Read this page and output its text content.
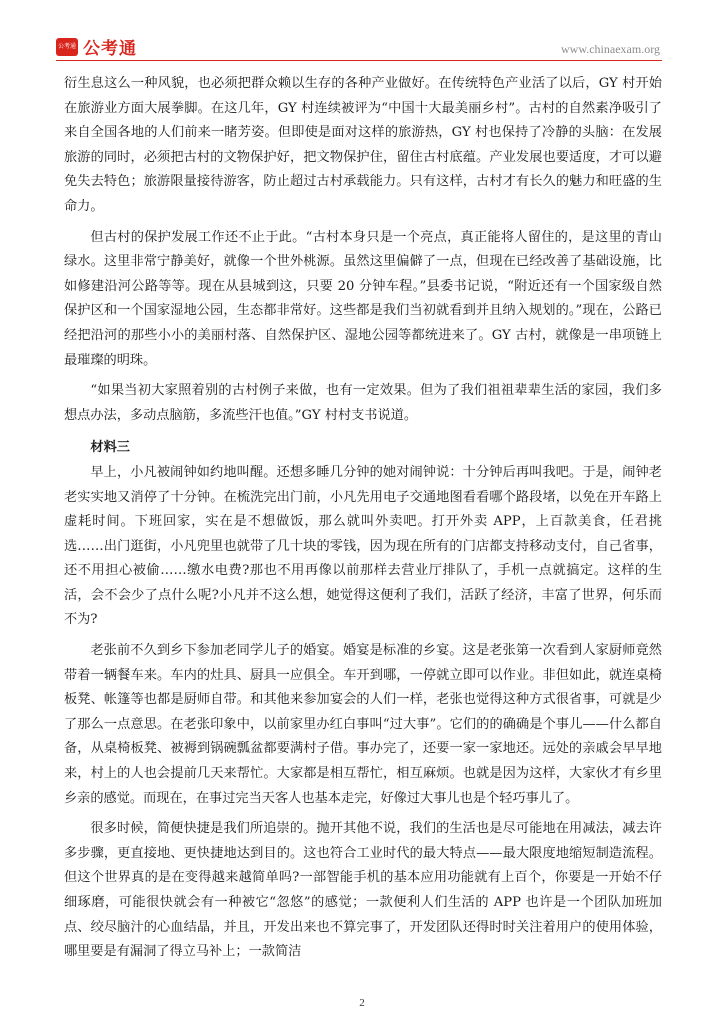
公考通 公考通	www.chinaexam.org

衍生息这么一种风貌，也必须把群众赖以生存的各种产业做好。在传统特色产业活了以后，GY 村开始在旅游业方面大展拳脚。在这几年，GY 村连续被评为“中国十大最美丽乡村”。古村的自然素净吸引了来自全国各地的人们前来一睹芳姿。但即使是面对这样的旅游热，GY 村也保持了冷静的头脑：在发展旅游的同时，必须把古村的文物保护好，把文物保护住，留住古村底蕴。产业发展也要适度，才可以避免失去特色；旅游限量接待游客，防止超过古村承载能力。只有这样，古村才有长久的魅力和旺盛的生命力。

但古村的保护发展工作还不止于此。“古村本身只是一个亮点，真正能将人留住的，是这里的青山绿水。这里非常宁静美好，就像一个世外桃源。虽然这里偏僻了一点，但现在已经改善了基础设施，比如修建沿河公路等等。现在从县城到这，只要 20 分钟车程。”县委书记说，“附近还有一个国家级自然保护区和一个国家湿地公园，生态都非常好。这些都是我们当初就看到并且纳入规划的。”现在，公路已经把沿河的那些小小的美丽村落、自然保护区、湿地公园等都统进来了。GY 古村，就像是一串项链上最璀璨的明珠。

“如果当初大家照着别的古村例子来做，也有一定效果。但为了我们祖祖辈辈生活的家园，我们多想点办法，多动点脑筋，多流些汗也值。”GY 村村支书说道。

材料三

早上，小凡被闹钟如约地叫醒。还想多睡几分钟的她对闹钟说：十分钟后再叫我吧。于是，闹钟老老实实地又消停了十分钟。在梳洗完出门前，小凡先用电子交通地图看看哪个路段堵，以免在开车路上虚耗时间。下班回家，实在是不想做饭，那么就叫外卖吧。打开外卖 APP，上百款美食，任君挑选……出门逛街，小凡兜里也就带了几十块的零钱，因为现在所有的门店都支持移动支付，自己省事，还不用担心被偷……缴水电费?那也不用再像以前那样去营业厅排队了，手机一点就搞定。这样的生活，会不会少了点什么呢?小凡并不这么想，她觉得这便利了我们，活跃了经济，丰富了世界，何乐而不为?

老张前不久到乡下参加老同学儿子的婚宴。婚宴是标准的乡宴。这是老张第一次看到人家厨师竟然带着一辆餐车来。车内的灶具、厨具一应俱全。车开到哪，一停就立即可以作业。非但如此，就连桌椅板凳、帐篷等也都是厨师自带。和其他来参加宴会的人们一样，老张也觉得这种方式很省事，可就是少了那么一点意思。在老张印象中，以前家里办红白事叫“过大事”。它们的的确确是个事儿——什么都自备，从桌椅板凳、被褥到锅碗瓢盆都要满村子借。事办完了，还要一家一家地还。远处的亲戚会早早地来，村上的人也会提前几天来帮忙。大家都是相互帮忙，相互麻烦。也就是因为这样，大家伙才有乡里乡亲的感觉。而现在，在事过完当天客人也基本走完，好像过大事儿也是个轻巧事儿了。

很多时候，简便快捷是我们所追崇的。抛开其他不说，我们的生活也是尽可能地在用减法，减去许多步骤，更直接地、更快捷地达到目的。这也符合工业时代的最大特点——最大限度地缩短制造流程。但这个世界真的是在变得越来越简单吗?一部智能手机的基本应用功能就有上百个，你要是一开始不仔细琢磨，可能很快就会有一种被它“忽悠”的感觉；一款便利人们生活的 APP 也许是一个团队加班加点、绞尽脑汁的心血结晶，并且，开发出来也不算完事了，开发团队还得时时关注着用户的使用体验，哪里要是有漏洞了得立马补上；一款简洁

2
